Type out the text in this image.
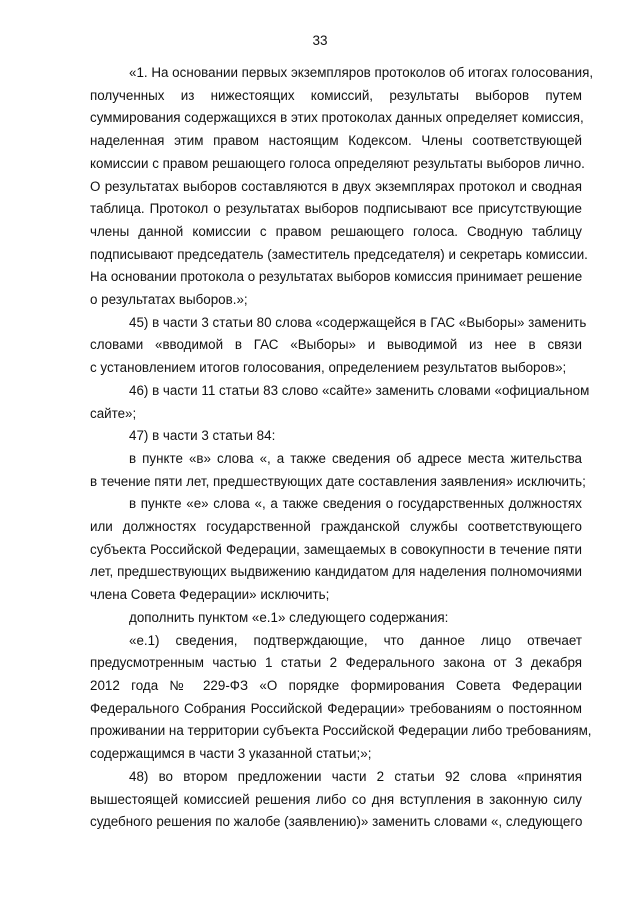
33
«1. На основании первых экземпляров протоколов об итогах голосования,
полученных из нижестоящих комиссий, результаты выборов путем
суммирования содержащихся в этих протоколах данных определяет комиссия,
наделенная этим правом настоящим Кодексом. Члены соответствующей
комиссии с правом решающего голоса определяют результаты выборов лично.
О результатах выборов составляются в двух экземплярах протокол и сводная
таблица. Протокол о результатах выборов подписывают все присутствующие
члены данной комиссии с правом решающего голоса. Сводную таблицу
подписывают председатель (заместитель председателя) и секретарь комиссии.
На основании протокола о результатах выборов комиссия принимает решение
о результатах выборов.»;
45) в части 3 статьи 80 слова «содержащейся в ГАС «Выборы» заменить
словами «вводимой в ГАС «Выборы» и выводимой из нее в связи
с установлением итогов голосования, определением результатов выборов»;
46) в части 11 статьи 83 слово «сайте» заменить словами «официальном
сайте»;
47) в части 3 статьи 84:
в пункте «в» слова «, а также сведения об адресе места жительства
в течение пяти лет, предшествующих дате составления заявления» исключить;
в пункте «е» слова «, а также сведения о государственных должностях
или должностях государственной гражданской службы соответствующего
субъекта Российской Федерации, замещаемых в совокупности в течение пяти
лет, предшествующих выдвижению кандидатом для наделения полномочиями
члена Совета Федерации» исключить;
дополнить пунктом «е.1» следующего содержания:
«е.1) сведения, подтверждающие, что данное лицо отвечает
предусмотренным частью 1 статьи 2 Федерального закона от 3 декабря
2012 года № 229-ФЗ «О порядке формирования Совета Федерации
Федерального Собрания Российской Федерации» требованиям о постоянном
проживании на территории субъекта Российской Федерации либо требованиям,
содержащимся в части 3 указанной статьи;»;
48) во втором предложении части 2 статьи 92 слова «принятия
вышестоящей комиссией решения либо со дня вступления в законную силу
судебного решения по жалобе (заявлению)» заменить словами «, следующего
